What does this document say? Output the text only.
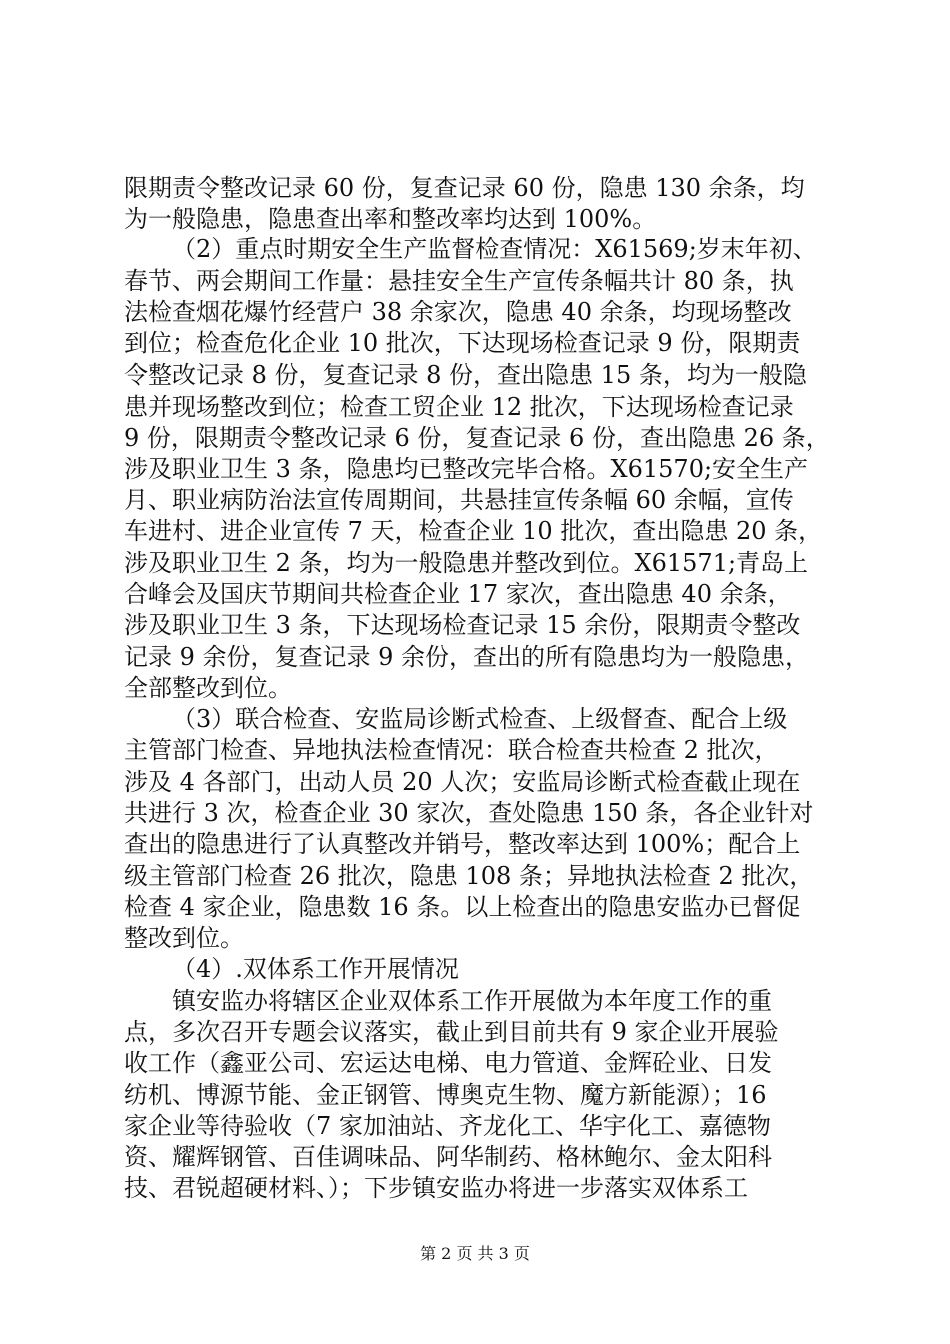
限期责令整改记录 60 份，复查记录 60 份，隐患 130 余条，均
为一般隐患，隐患查出率和整改率均达到 100%。
（2）重点时期安全生产监督检查情况：X61569;岁末年初、
春节、两会期间工作量：悬挂安全生产宣传条幅共计 80 条，执
法检查烟花爆竹经营户 38 余家次，隐患 40 余条，均现场整改
到位；检查危化企业 10 批次，下达现场检查记录 9 份，限期责
令整改记录 8 份，复查记录 8 份，查出隐患 15 条，均为一般隐
患并现场整改到位；检查工贸企业 12 批次，下达现场检查记录
9 份，限期责令整改记录 6 份，复查记录 6 份，查出隐患 26 条，
涉及职业卫生 3 条，隐患均已整改完毕合格。X61570;安全生产
月、职业病防治法宣传周期间，共悬挂宣传条幅 60 余幅，宣传
车进村、进企业宣传 7 天，检查企业 10 批次，查出隐患 20 条，
涉及职业卫生 2 条，均为一般隐患并整改到位。X61571;青岛上
合峰会及国庆节期间共检查企业 17 家次，查出隐患 40 余条，
涉及职业卫生 3 条，下达现场检查记录 15 余份，限期责令整改
记录 9 余份，复查记录 9 余份，查出的所有隐患均为一般隐患，
全部整改到位。
（3）联合检查、安监局诊断式检查、上级督查、配合上级
主管部门检查、异地执法检查情况：联合检查共检查 2 批次，
涉及 4 各部门，出动人员 20 人次；安监局诊断式检查截止现在
共进行 3 次，检查企业 30 家次，查处隐患 150 条，各企业针对
查出的隐患进行了认真整改并销号，整改率达到 100%；配合上
级主管部门检查 26 批次，隐患 108 条；异地执法检查 2 批次，
检查 4 家企业，隐患数 16 条。以上检查出的隐患安监办已督促
整改到位。
（4）.双体系工作开展情况
镇安监办将辖区企业双体系工作开展做为本年度工作的重
点，多次召开专题会议落实，截止到目前共有 9 家企业开展验
收工作（鑫亚公司、宏运达电梯、电力管道、金辉砼业、日发
纺机、博源节能、金正钢管、博奥克生物、魔方新能源）；16
家企业等待验收（7 家加油站、齐龙化工、华宇化工、嘉德物
资、耀辉钢管、百佳调味品、阿华制药、格林鲍尔、金太阳科
技、君锐超硬材料、）；下步镇安监办将进一步落实双体系工
第 2 页 共 3 页
